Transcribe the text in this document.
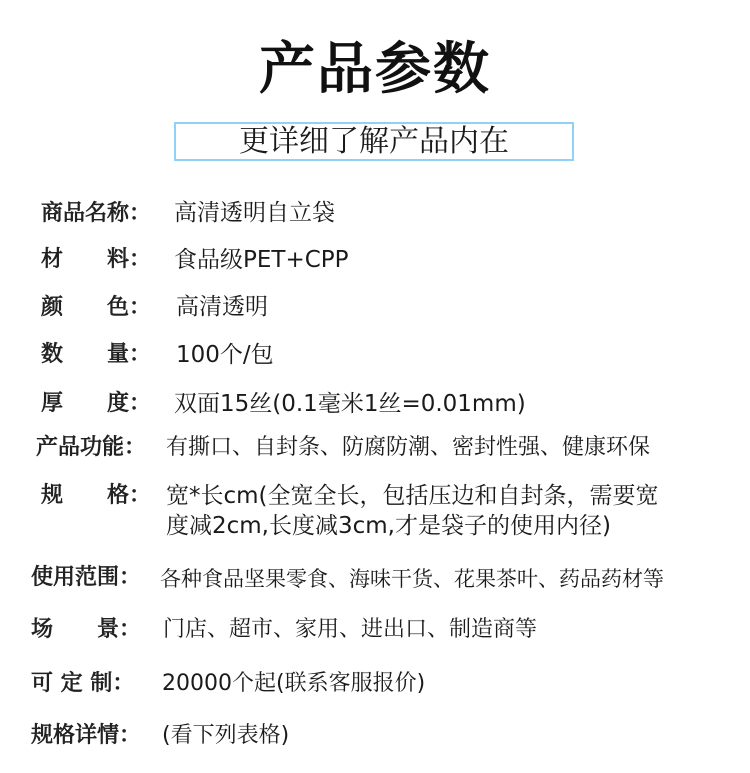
产品参数
更详细了解产品内在
商品名称： 高清透明自立袋
材　　料： 食品级PET+CPP
颜　　色： 高清透明
数　　量： 100个/包
厚　　度： 双面15丝(0.1毫米1丝=0.01mm)
产品功能： 有撕口、自封条、防腐防潮、密封性强、健康环保
规　　格： 宽*长cm(全宽全长，包括压边和自封条，需要宽
度减2cm,长度减3cm,才是袋子的使用内径)
使用范围： 各种食品坚果零食、海味干货、花果茶叶、药品药材等
场　　景： 门店、超市、家用、进出口、制造商等
可 定 制： 20000个起(联系客服报价)
规格详情： (看下列表格)
